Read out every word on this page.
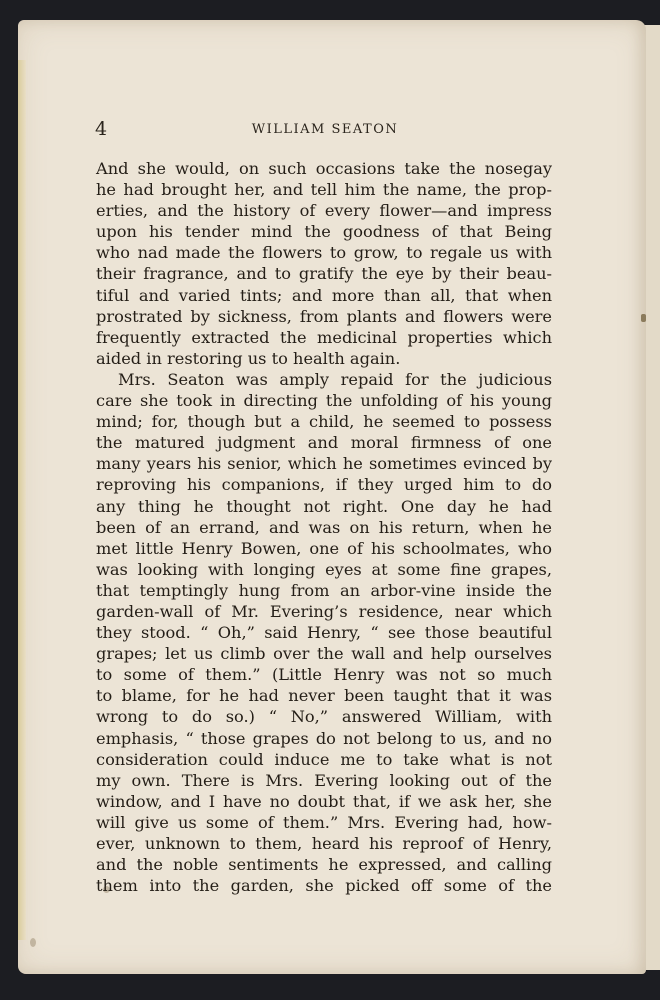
4	WILLIAM SEATON
And she would, on such occasions take the nosegay
he had brought her, and tell him the name, the prop-
erties, and the history of every flower—and impress
upon his tender mind the goodness of that Being
who nad made the flowers to grow, to regale us with
their fragrance, and to gratify the eye by their beau-
tiful and varied tints; and more than all, that when
prostrated by sickness, from plants and flowers were
frequently extracted the medicinal properties which
aided in restoring us to health again.
Mrs. Seaton was amply repaid for the judicious
care she took in directing the unfolding of his young
mind; for, though but a child, he seemed to possess
the matured judgment and moral firmness of one
many years his senior, which he sometimes evinced by
reproving his companions, if they urged him to do
any thing he thought not right. One day he had
been of an errand, and was on his return, when he
met little Henry Bowen, one of his schoolmates, who
was looking with longing eyes at some fine grapes,
that temptingly hung from an arbor-vine inside the
garden-wall of Mr. Evering’s residence, near which
they stood. “ Oh,” said Henry, “ see those beautiful
grapes; let us climb over the wall and help ourselves
to some of them.” (Little Henry was not so much
to blame, for he had never been taught that it was
wrong to do so.) “ No,” answered William, with
emphasis, “ those grapes do not belong to us, and no
consideration could induce me to take what is not
my own. There is Mrs. Evering looking out of the
window, and I have no doubt that, if we ask her, she
will give us some of them.” Mrs. Evering had, how-
ever, unknown to them, heard his reproof of Henry,
and the noble sentiments he expressed, and calling
them into the garden, she picked off some of the
